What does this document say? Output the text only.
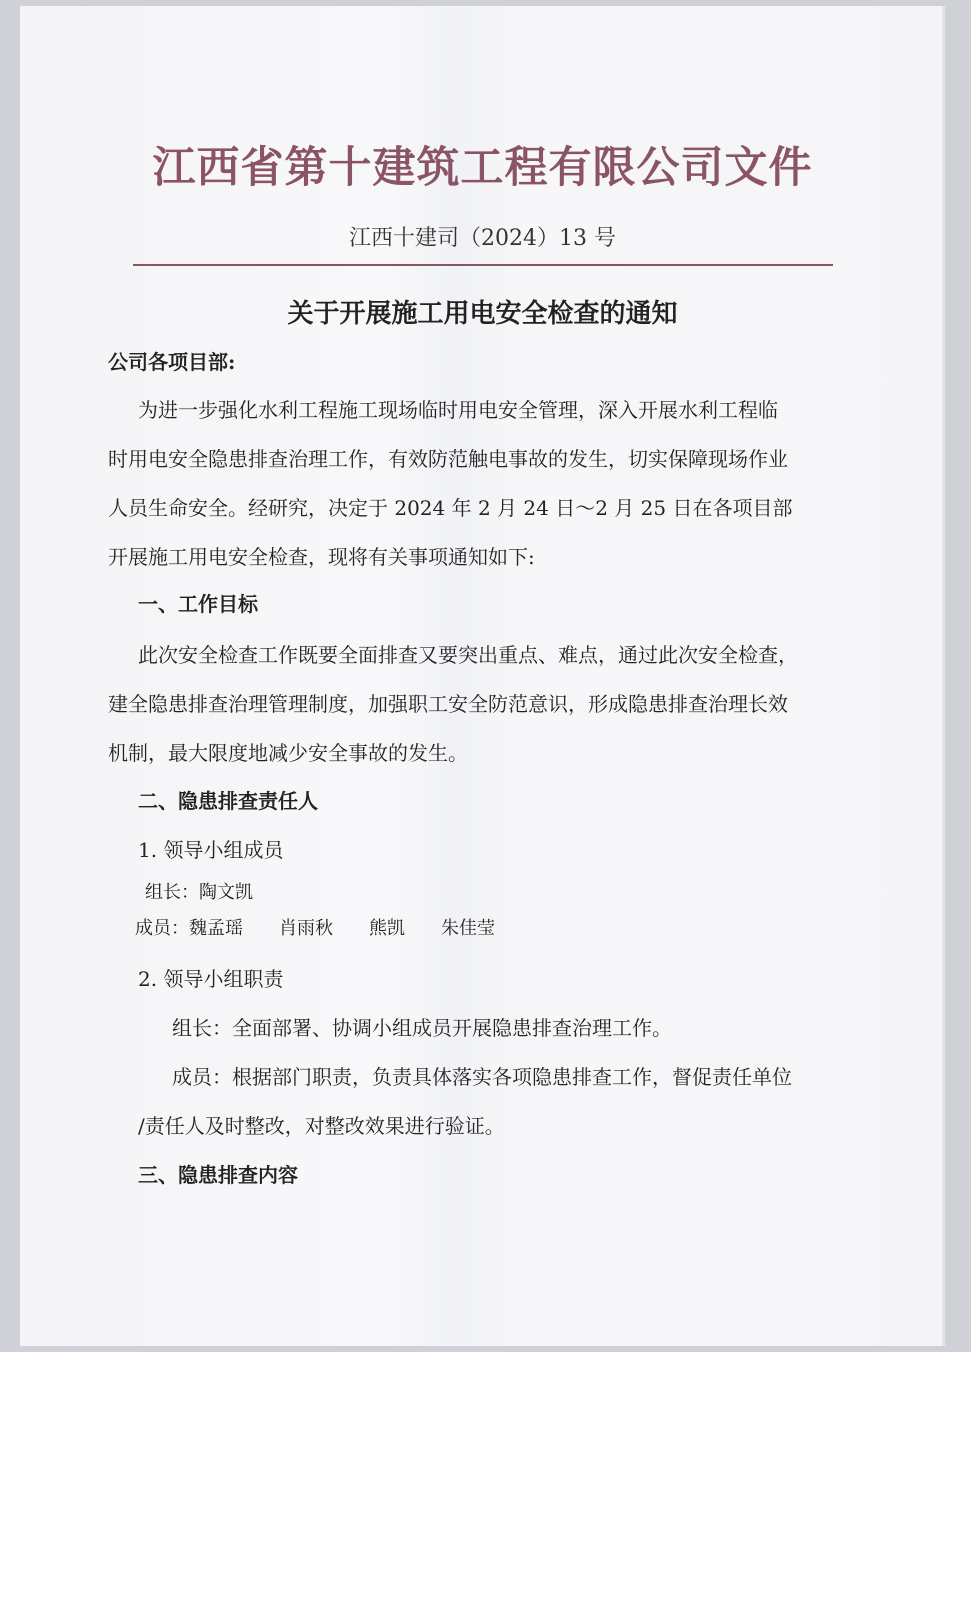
江西省第十建筑工程有限公司文件
江西十建司（2024）13 号
关于开展施工用电安全检查的通知
公司各项目部:
为进一步强化水利工程施工现场临时用电安全管理，深入开展水利工程临
时用电安全隐患排查治理工作，有效防范触电事故的发生，切实保障现场作业
人员生命安全。经研究，决定于 2024 年 2 月 24 日～2 月 25 日在各项目部
开展施工用电安全检查，现将有关事项通知如下:
一、工作目标
此次安全检查工作既要全面排查又要突出重点、难点，通过此次安全检查，
建全隐患排查治理管理制度，加强职工安全防范意识，形成隐患排查治理长效
机制，最大限度地减少安全事故的发生。
二、隐患排查责任人
1. 领导小组成员
组长：陶文凯
成员：魏孟瑶　　肖雨秋　　熊凯　　朱佳莹
2. 领导小组职责
组长：全面部署、协调小组成员开展隐患排查治理工作。
成员：根据部门职责，负责具体落实各项隐患排查工作，督促责任单位
/责任人及时整改，对整改效果进行验证。
三、隐患排查内容
